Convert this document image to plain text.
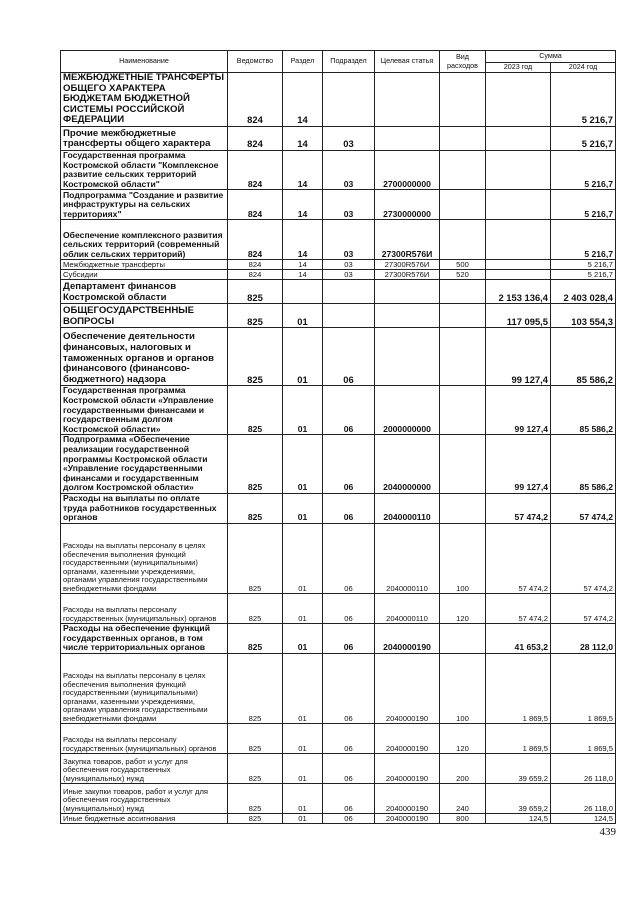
Наименование	Ведомство	Раздел	Подраздел	Целевая статья	Вид расходов	Сумма	
						2023 год	2024 год
МЕЖБЮДЖЕТНЫЕ ТРАНСФЕРТЫ ОБЩЕГО ХАРАКТЕРА БЮДЖЕТАМ БЮДЖЕТНОЙ СИСТЕМЫ РОССИЙСКОЙ ФЕДЕРАЦИИ	824	14					5 216,7
Прочие межбюджетные трансферты общего характера	824	14	03				5 216,7
Государственная программа Костромской области "Комплексное развитие сельских территорий Костромской области"	824	14	03	2700000000			5 216,7
Подпрограмма "Создание и развитие инфраструктуры на сельских территориях"	824	14	03	2730000000			5 216,7
Обеспечение комплексного развития сельских территорий (современный облик сельских территорий)	824	14	03	27300R576И			5 216,7
Межбюджетные трансферты	824	14	03	27300R576И	500		5 216,7
Субсидии	824	14	03	27300R576И	520		5 216,7
Департамент финансов Костромской области	825					2 153 136,4	2 403 028,4
ОБЩЕГОСУДАРСТВЕННЫЕ ВОПРОСЫ	825	01				117 095,5	103 554,3
Обеспечение деятельности финансовых, налоговых и таможенных органов и органов финансового (финансово-бюджетного) надзора	825	01	06			99 127,4	85 586,2
Государственная программа Костромской области «Управление государственными финансами и государственным долгом Костромской области»	825	01	06	2000000000		99 127,4	85 586,2
Подпрограмма «Обеспечение реализации государственной программы Костромской области «Управление государственными финансами и государственным долгом Костромской области»	825	01	06	2040000000		99 127,4	85 586,2
Расходы на выплаты по оплате труда работников государственных органов	825	01	06	2040000110		57 474,2	57 474,2
Расходы на выплаты персоналу в целях обеспечения выполнения функций государственными (муниципальными) органами, казенными учреждениями, органами управления государственными внебюджетными фондами	825	01	06	2040000110	100	57 474,2	57 474,2
Расходы на выплаты персоналу государственных (муниципальных) органов	825	01	06	2040000110	120	57 474,2	57 474,2
Расходы на обеспечение функций государственных органов, в том числе территориальных органов	825	01	06	2040000190		41 653,2	28 112,0
Расходы на выплаты персоналу в целях обеспечения выполнения функций государственными (муниципальными) органами, казенными учреждениями, органами управления государственными внебюджетными фондами	825	01	06	2040000190	100	1 869,5	1 869,5
Расходы на выплаты персоналу государственных (муниципальных) органов	825	01	06	2040000190	120	1 869,5	1 869,5
Закупка товаров, работ и услуг для обеспечения государственных (муниципальных) нужд	825	01	06	2040000190	200	39 659,2	26 118,0
Иные закупки товаров, работ и услуг для обеспечения государственных (муниципальных) нужд	825	01	06	2040000190	240	39 659,2	26 118,0
Иные бюджетные ассигнования	825	01	06	2040000190	800	124,5	124,5
439
